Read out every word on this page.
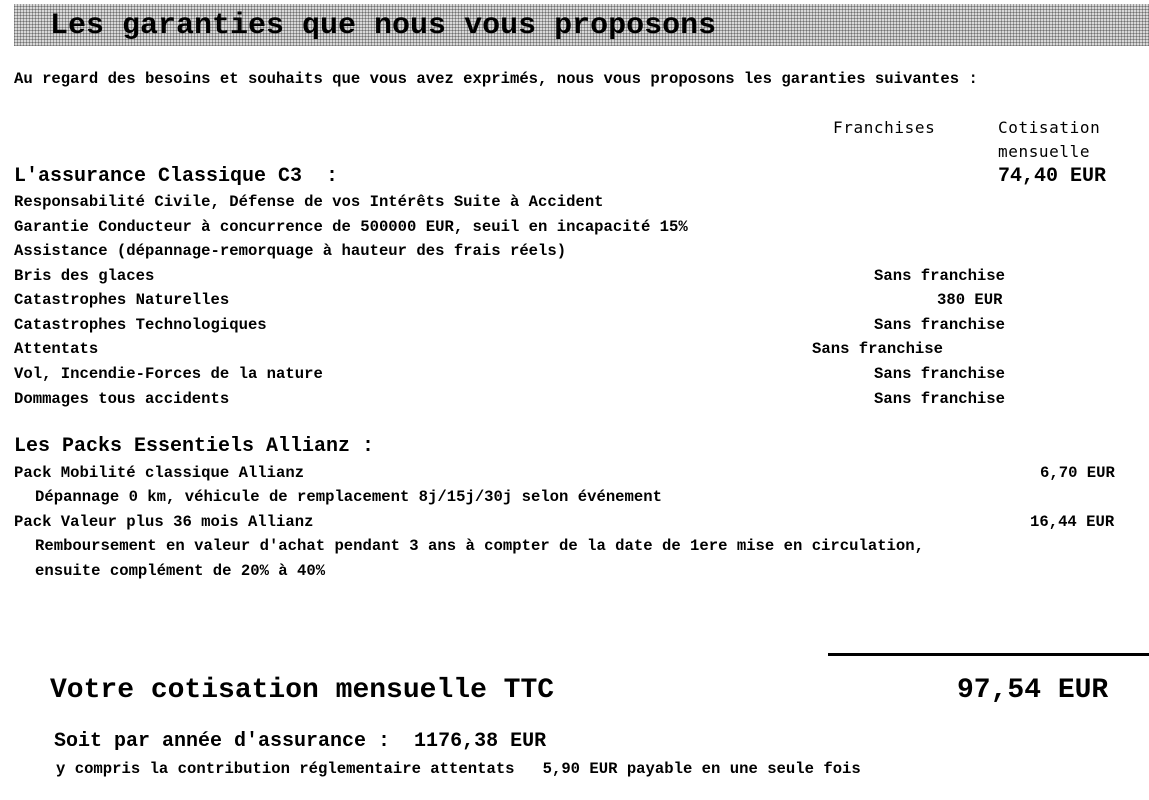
Les garanties que nous vous proposons
Au regard des besoins et souhaits que vous avez exprimés, nous vous proposons les garanties suivantes :
Franchises	Cotisation
mensuelle
L'assurance Classique C3  :	74,40 EUR
Responsabilité Civile, Défense de vos Intérêts Suite à Accident
Garantie Conducteur à concurrence de 500000 EUR, seuil en incapacité 15%
Assistance (dépannage-remorquage à hauteur des frais réels)
Bris des glaces	Sans franchise
Catastrophes Naturelles	380 EUR
Catastrophes Technologiques	Sans franchise
Attentats	Sans franchise
Vol, Incendie-Forces de la nature	Sans franchise
Dommages tous accidents	Sans franchise
Les Packs Essentiels Allianz :
Pack Mobilité classique Allianz	6,70 EUR
Dépannage 0 km, véhicule de remplacement 8j/15j/30j selon événement
Pack Valeur plus 36 mois Allianz	16,44 EUR
Remboursement en valeur d'achat pendant 3 ans à compter de la date de 1ere mise en circulation,
ensuite complément de 20% à 40%
Votre cotisation mensuelle TTC	97,54 EUR
Soit par année d'assurance :  1176,38 EUR
y compris la contribution réglementaire attentats   5,90 EUR payable en une seule fois
